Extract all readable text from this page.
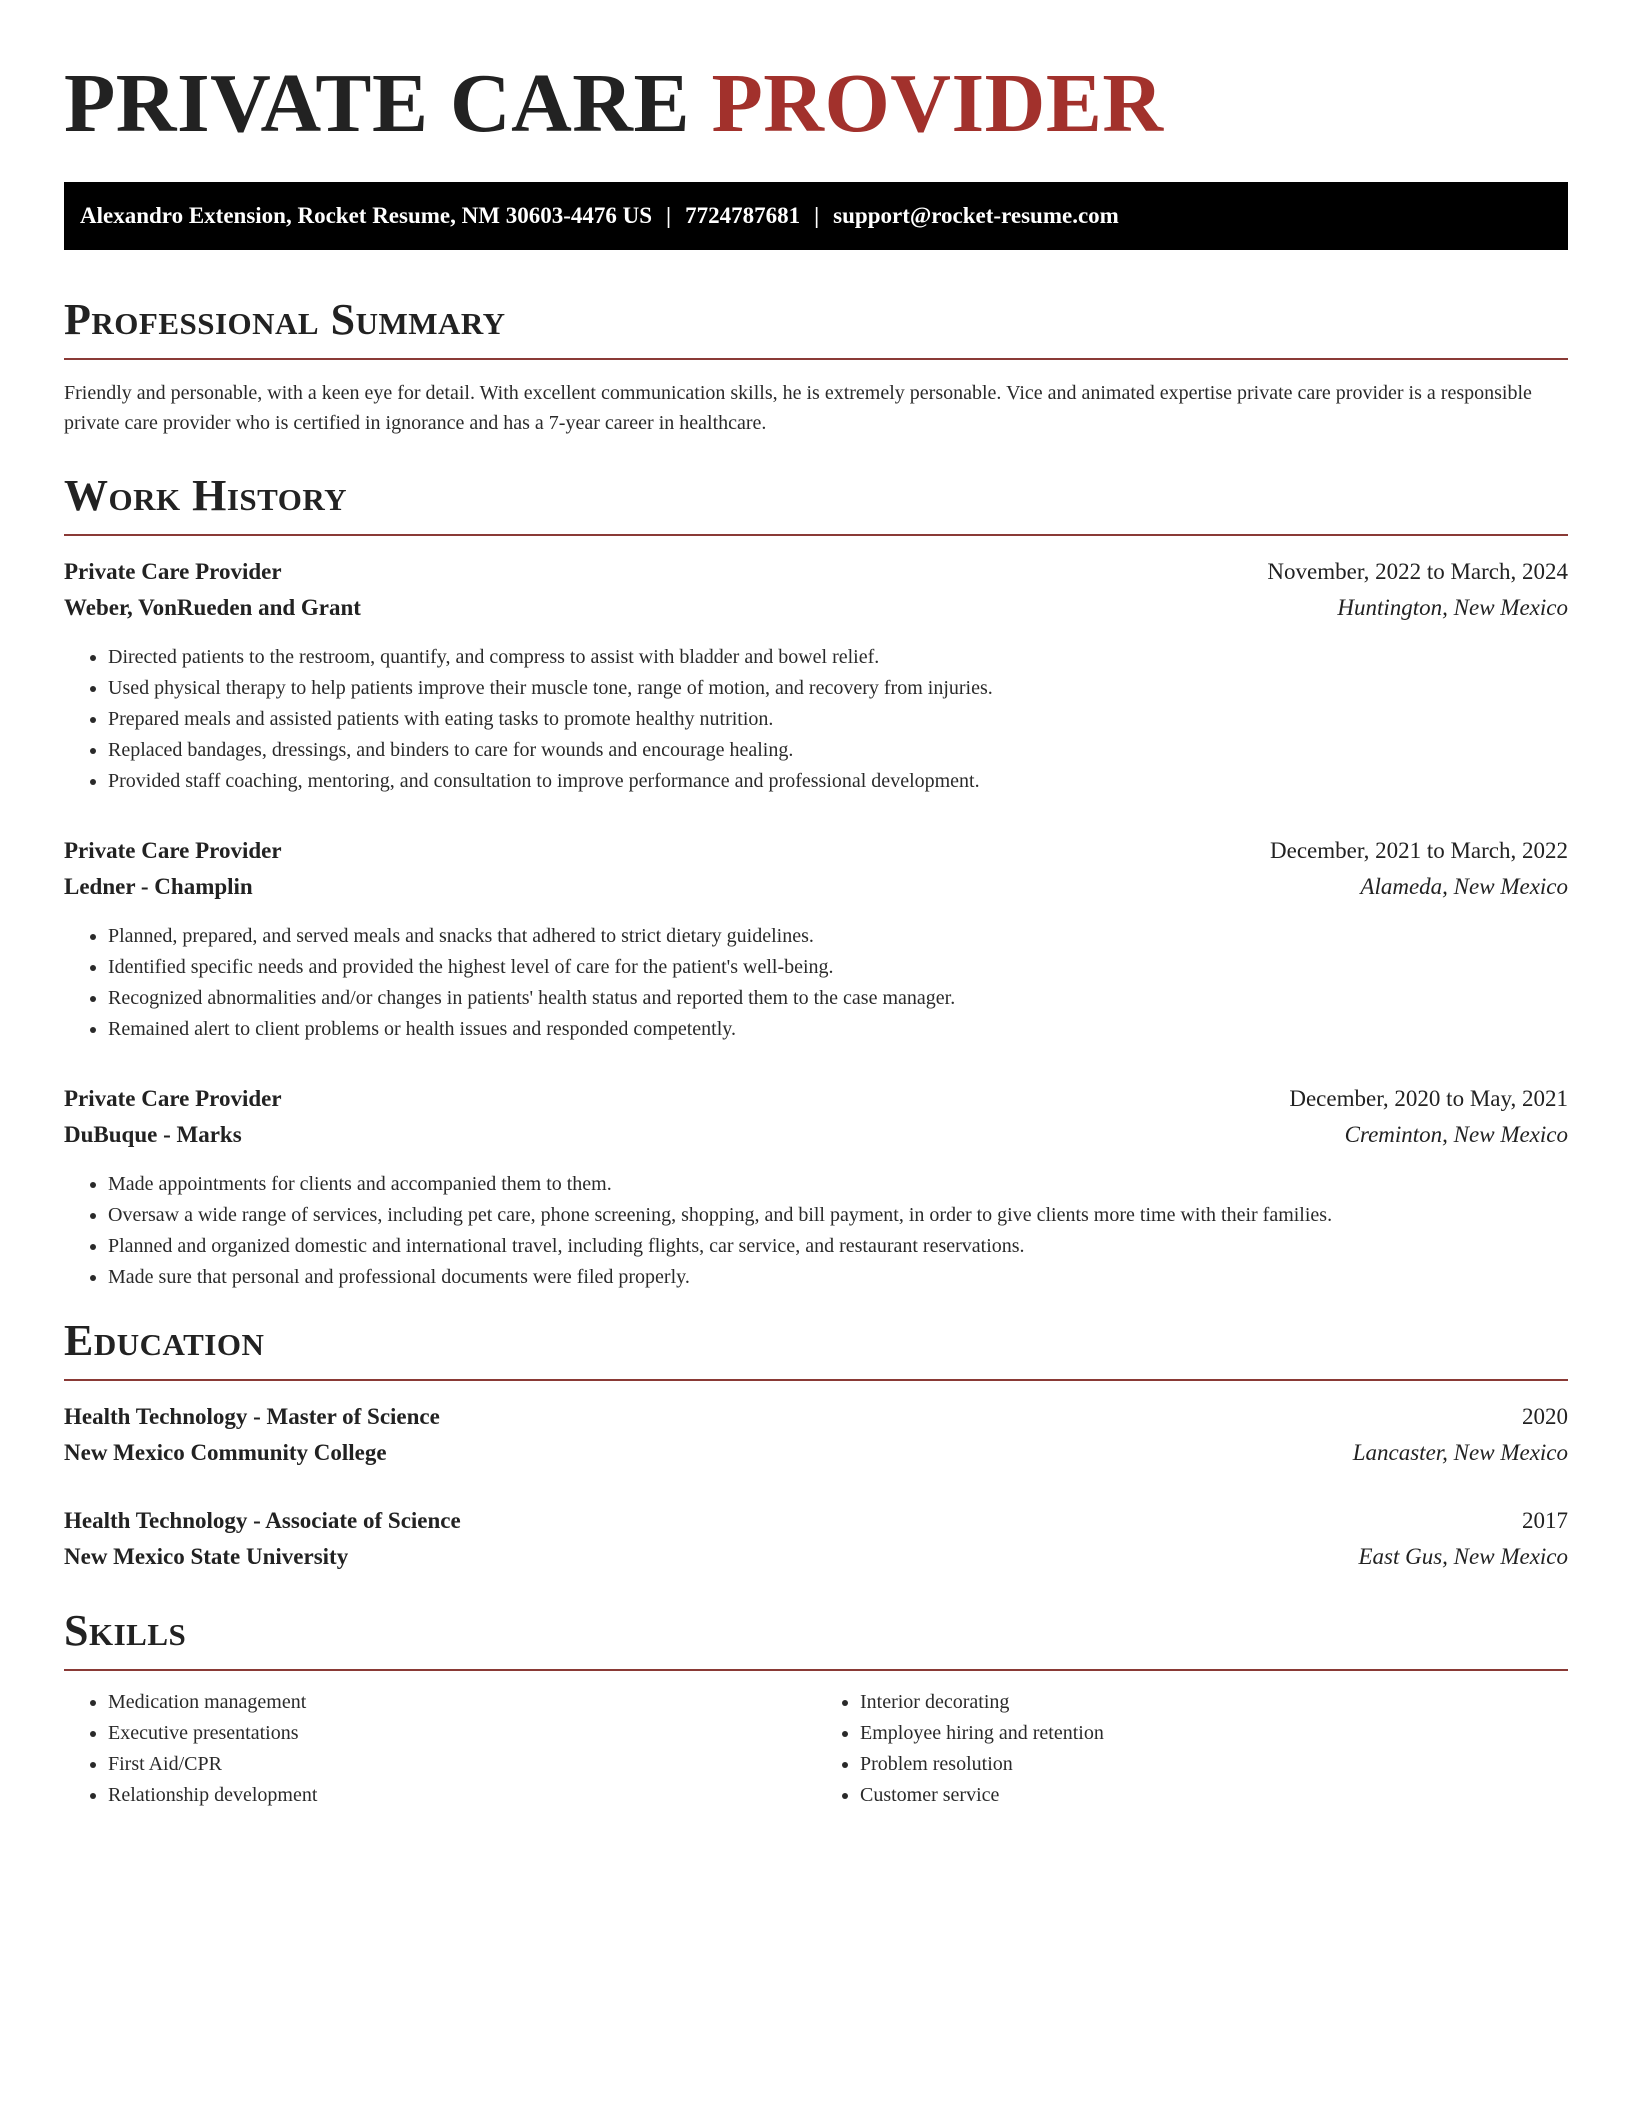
PRIVATE CARE PROVIDER
Alexandro Extension, Rocket Resume, NM 30603-4476 US | 7724787681 | support@rocket-resume.com
Professional Summary

Friendly and personable, with a keen eye for detail. With excellent communication skills, he is extremely personable. Vice and animated expertise private care provider is a responsible private care provider who is certified in ignorance and has a 7-year career in healthcare.

Work History
Private Care Provider	November, 2022 to March, 2024
Weber, VonRueden and Grant	Huntington, New Mexico
• Directed patients to the restroom, quantify, and compress to assist with bladder and bowel relief.
• Used physical therapy to help patients improve their muscle tone, range of motion, and recovery from injuries.
• Prepared meals and assisted patients with eating tasks to promote healthy nutrition.
• Replaced bandages, dressings, and binders to care for wounds and encourage healing.
• Provided staff coaching, mentoring, and consultation to improve performance and professional development.
Private Care Provider	December, 2021 to March, 2022
Ledner - Champlin	Alameda, New Mexico
• Planned, prepared, and served meals and snacks that adhered to strict dietary guidelines.
• Identified specific needs and provided the highest level of care for the patient's well-being.
• Recognized abnormalities and/or changes in patients' health status and reported them to the case manager.
• Remained alert to client problems or health issues and responded competently.
Private Care Provider	December, 2020 to May, 2021
DuBuque - Marks	Creminton, New Mexico
• Made appointments for clients and accompanied them to them.
• Oversaw a wide range of services, including pet care, phone screening, shopping, and bill payment, in order to give clients more time with their families.
• Planned and organized domestic and international travel, including flights, car service, and restaurant reservations.
• Made sure that personal and professional documents were filed properly.
Education
Health Technology - Master of Science	2020
New Mexico Community College	Lancaster, New Mexico
Health Technology - Associate of Science	2017
New Mexico State University	East Gus, New Mexico
Skills
• Medication management
• Executive presentations
• First Aid/CPR
• Relationship development
• Interior decorating
• Employee hiring and retention
• Problem resolution
• Customer service
